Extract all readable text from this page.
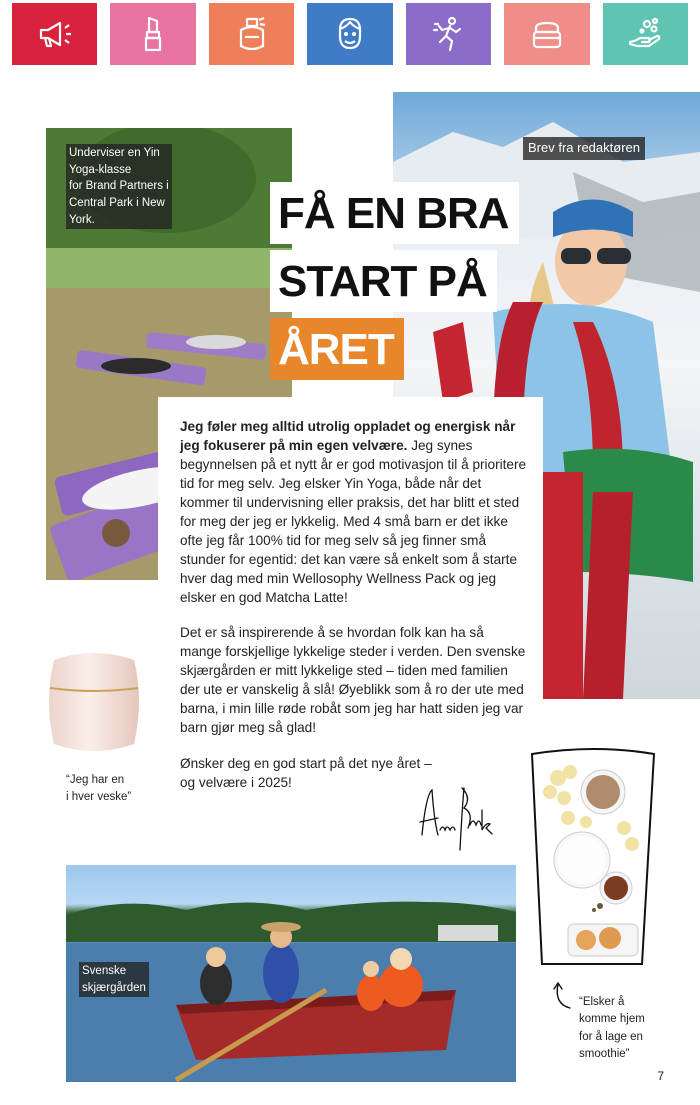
Underviser en Yin
Yoga-klasse
for Brand Partners i
Central Park i New
York.
Brev fra redaktøren
FÅ EN BRA
START PÅ
ÅRET

Jeg føler meg alltid utrolig oppladet og energisk når jeg fokuserer på min egen velvære. Jeg synes begynnelsen på et nytt år er god motivasjon til å prioritere tid for meg selv. Jeg elsker Yin Yoga, både når det kommer til undervisning eller praksis, det har blitt et sted for meg der jeg er lykkelig. Med 4 små barn er det ikke ofte jeg får 100% tid for meg selv så jeg finner små stunder for egentid: det kan være så enkelt som å starte hver dag med min Wellosophy Wellness Pack og jeg elsker en god Matcha Latte!

Det er så inspirerende å se hvordan folk kan ha så mange forskjellige lykkelige steder i verden. Den svenske skjærgården er mitt lykkelige sted – tiden med familien der ute er vanskelig å slå! Øyeblikk som å ro der ute med barna, i min lille røde robåt som jeg har hatt siden jeg var barn gjør meg så glad!

Ønsker deg en god start på det nye året – og velvære i 2025!

“Jeg har en
i hver veske”
“Elsker å
komme hjem
for å lage en
smoothie”
Svenske
skjærgården
7
